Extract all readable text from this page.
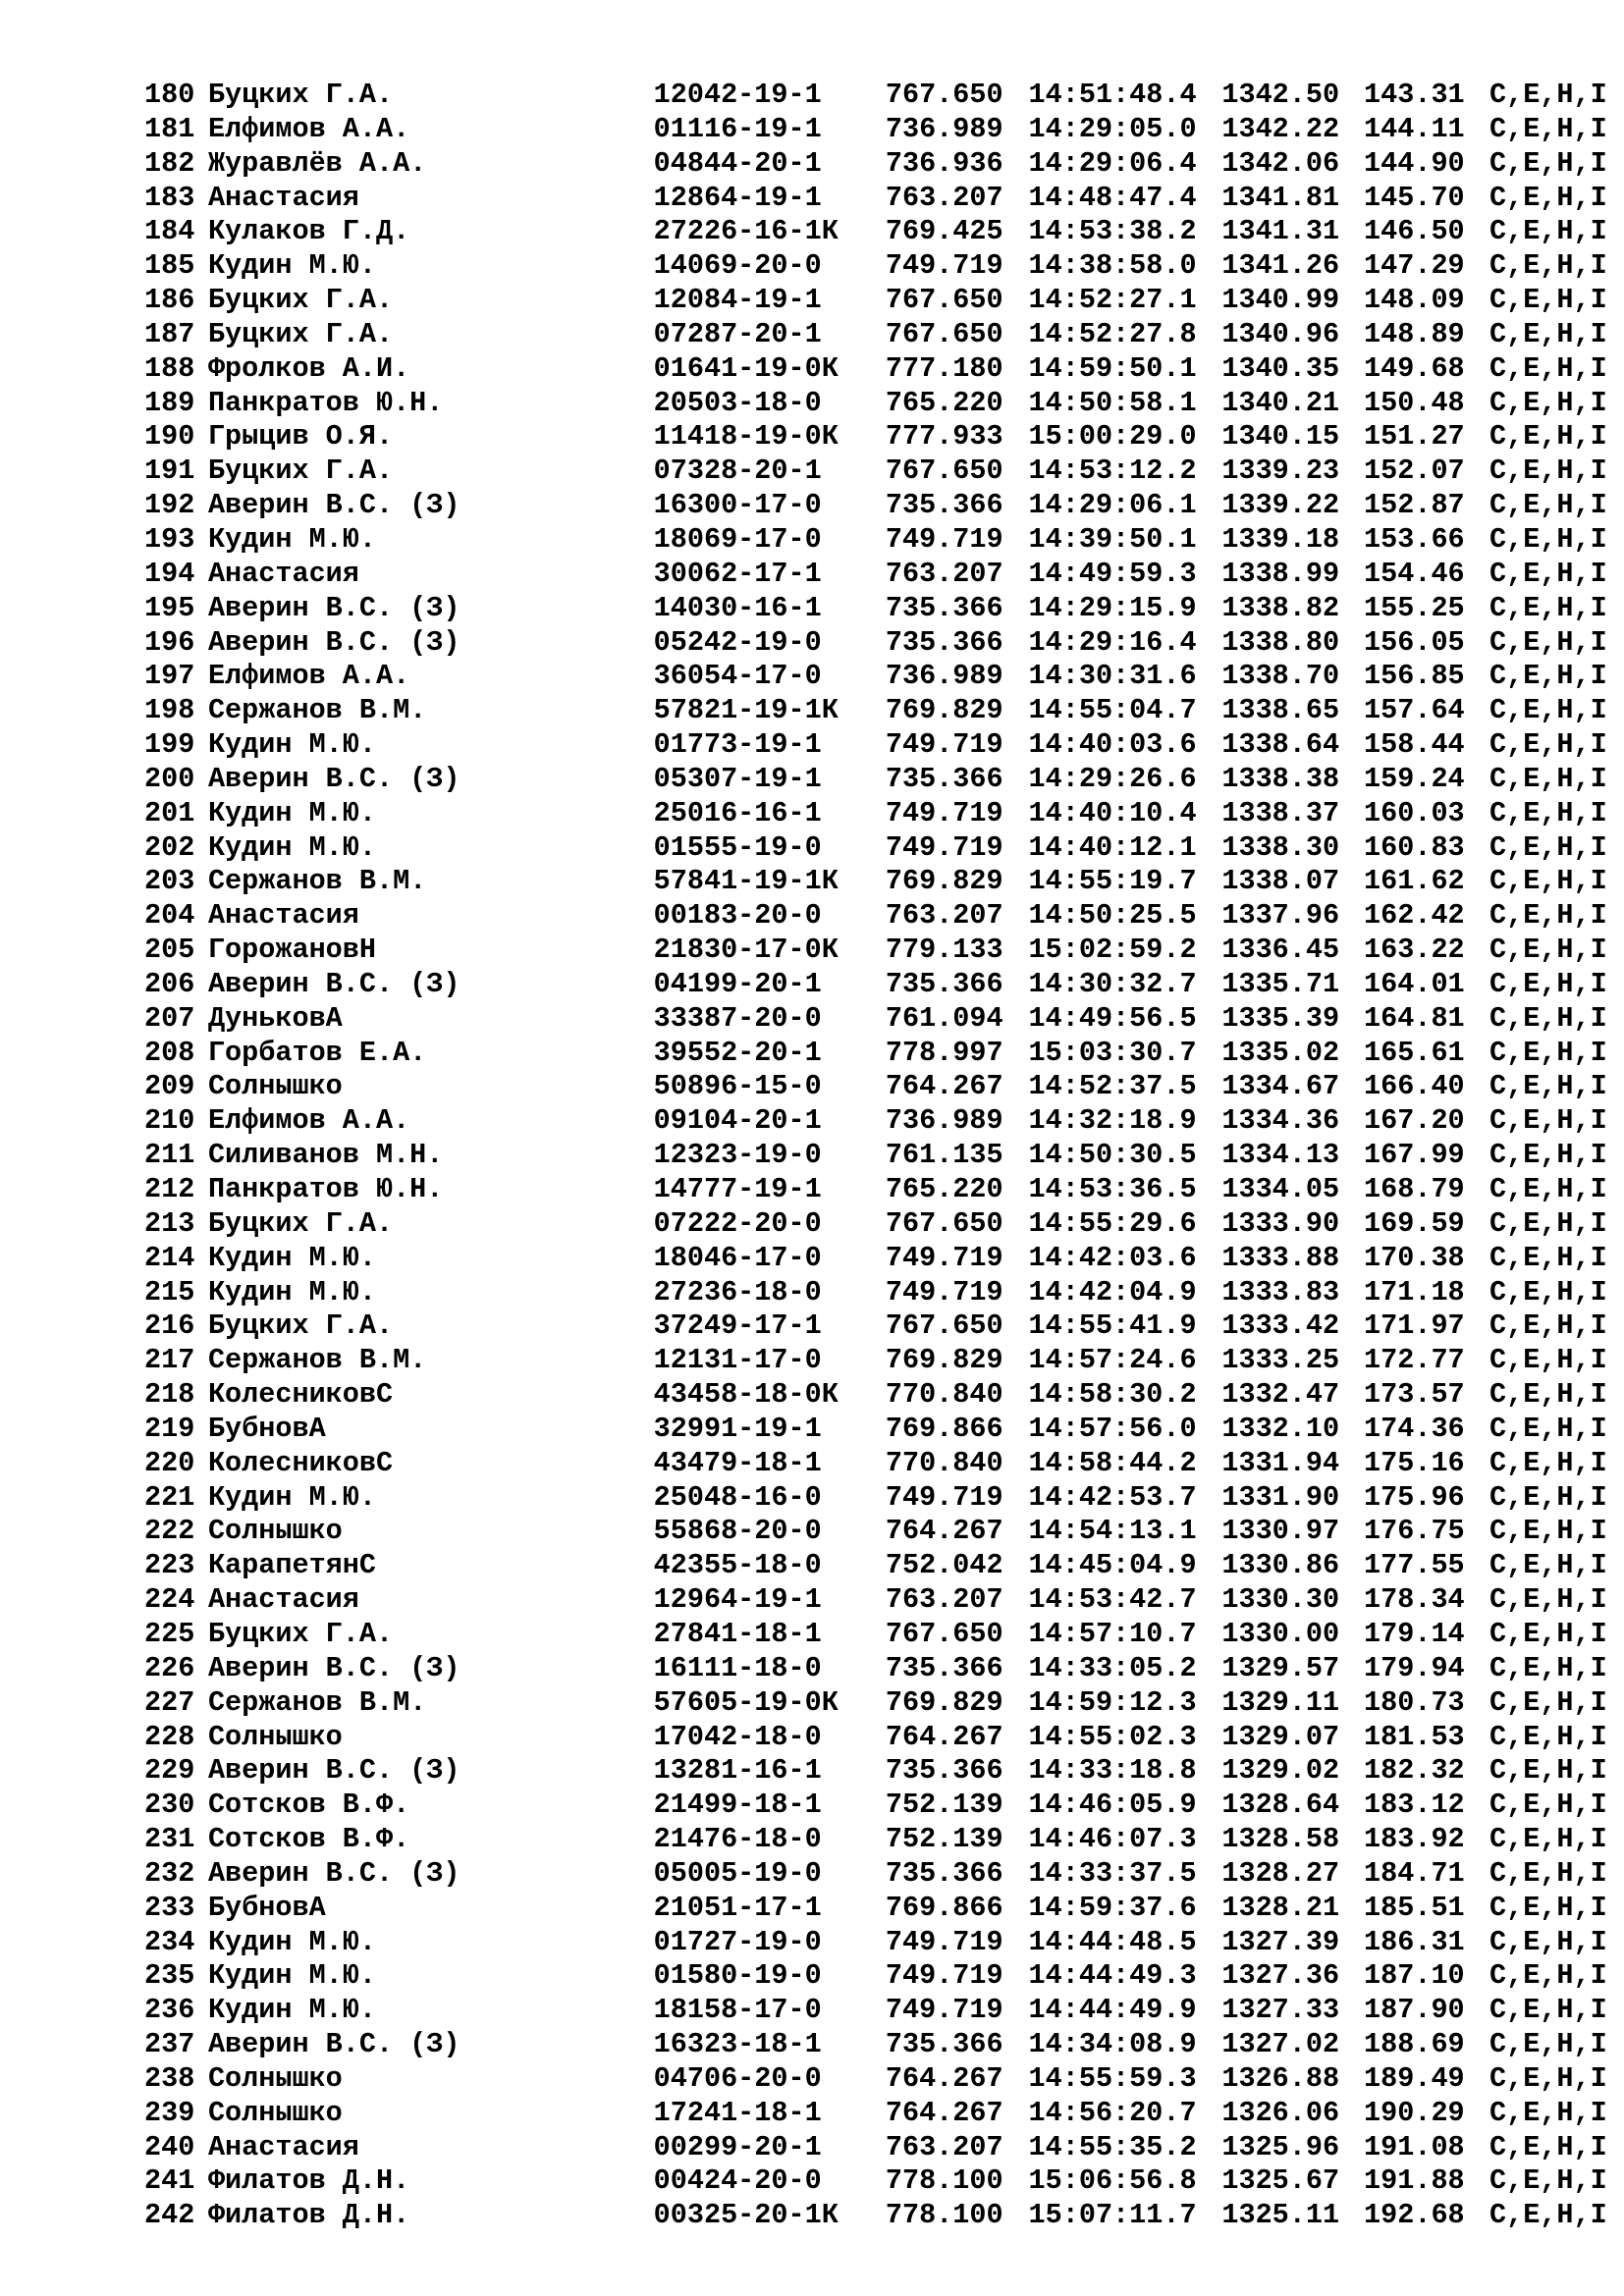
180 Буцких Г.А.	12042-19-1	767.650 14:51:48.4 1342.50 143.31 C,E,H,I
181 Елфимов А.А.	01116-19-1	736.989 14:29:05.0 1342.22 144.11 C,E,H,I
182 Журавлёв А.А.	04844-20-1	736.936 14:29:06.4 1342.06 144.90 C,E,H,I
183 Анастасия	12864-19-1	763.207 14:48:47.4 1341.81 145.70 C,E,H,I
184 Кулаков Г.Д.	27226-16-1К	769.425 14:53:38.2 1341.31 146.50 C,E,H,I
185 Кудин М.Ю.	14069-20-0	749.719 14:38:58.0 1341.26 147.29 C,E,H,I
186 Буцких Г.А.	12084-19-1	767.650 14:52:27.1 1340.99 148.09 C,E,H,I
187 Буцких Г.А.	07287-20-1	767.650 14:52:27.8 1340.96 148.89 C,E,H,I
188 Фролков А.И.	01641-19-0К	777.180 14:59:50.1 1340.35 149.68 C,E,H,I
189 Панкратов Ю.Н.	20503-18-0	765.220 14:50:58.1 1340.21 150.48 C,E,H,I
190 Грыцив О.Я.	11418-19-0К	777.933 15:00:29.0 1340.15 151.27 C,E,H,I
191 Буцких Г.А.	07328-20-1	767.650 14:53:12.2 1339.23 152.07 C,E,H,I
192 Аверин В.С. (З)	16300-17-0	735.366 14:29:06.1 1339.22 152.87 C,E,H,I
193 Кудин М.Ю.	18069-17-0	749.719 14:39:50.1 1339.18 153.66 C,E,H,I
194 Анастасия	30062-17-1	763.207 14:49:59.3 1338.99 154.46 C,E,H,I
195 Аверин В.С. (З)	14030-16-1	735.366 14:29:15.9 1338.82 155.25 C,E,H,I
196 Аверин В.С. (З)	05242-19-0	735.366 14:29:16.4 1338.80 156.05 C,E,H,I
197 Елфимов А.А.	36054-17-0	736.989 14:30:31.6 1338.70 156.85 C,E,H,I
198 Сержанов В.М.	57821-19-1К	769.829 14:55:04.7 1338.65 157.64 C,E,H,I
199 Кудин М.Ю.	01773-19-1	749.719 14:40:03.6 1338.64 158.44 C,E,H,I
200 Аверин В.С. (З)	05307-19-1	735.366 14:29:26.6 1338.38 159.24 C,E,H,I
201 Кудин М.Ю.	25016-16-1	749.719 14:40:10.4 1338.37 160.03 C,E,H,I
202 Кудин М.Ю.	01555-19-0	749.719 14:40:12.1 1338.30 160.83 C,E,H,I
203 Сержанов В.М.	57841-19-1К	769.829 14:55:19.7 1338.07 161.62 C,E,H,I
204 Анастасия	00183-20-0	763.207 14:50:25.5 1337.96 162.42 C,E,H,I
205 ГорожановН	21830-17-0К	779.133 15:02:59.2 1336.45 163.22 C,E,H,I
206 Аверин В.С. (З)	04199-20-1	735.366 14:30:32.7 1335.71 164.01 C,E,H,I
207 ДуньковА	33387-20-0	761.094 14:49:56.5 1335.39 164.81 C,E,H,I
208 Горбатов Е.А.	39552-20-1	778.997 15:03:30.7 1335.02 165.61 C,E,H,I
209 Солнышко	50896-15-0	764.267 14:52:37.5 1334.67 166.40 C,E,H,I
210 Елфимов А.А.	09104-20-1	736.989 14:32:18.9 1334.36 167.20 C,E,H,I
211 Силиванов М.Н.	12323-19-0	761.135 14:50:30.5 1334.13 167.99 C,E,H,I
212 Панкратов Ю.Н.	14777-19-1	765.220 14:53:36.5 1334.05 168.79 C,E,H,I
213 Буцких Г.А.	07222-20-0	767.650 14:55:29.6 1333.90 169.59 C,E,H,I
214 Кудин М.Ю.	18046-17-0	749.719 14:42:03.6 1333.88 170.38 C,E,H,I
215 Кудин М.Ю.	27236-18-0	749.719 14:42:04.9 1333.83 171.18 C,E,H,I
216 Буцких Г.А.	37249-17-1	767.650 14:55:41.9 1333.42 171.97 C,E,H,I
217 Сержанов В.М.	12131-17-0	769.829 14:57:24.6 1333.25 172.77 C,E,H,I
218 КолесниковС	43458-18-0К	770.840 14:58:30.2 1332.47 173.57 C,E,H,I
219 БубновА	32991-19-1	769.866 14:57:56.0 1332.10 174.36 C,E,H,I
220 КолесниковС	43479-18-1	770.840 14:58:44.2 1331.94 175.16 C,E,H,I
221 Кудин М.Ю.	25048-16-0	749.719 14:42:53.7 1331.90 175.96 C,E,H,I
222 Солнышко	55868-20-0	764.267 14:54:13.1 1330.97 176.75 C,E,H,I
223 КарапетянС	42355-18-0	752.042 14:45:04.9 1330.86 177.55 C,E,H,I
224 Анастасия	12964-19-1	763.207 14:53:42.7 1330.30 178.34 C,E,H,I
225 Буцких Г.А.	27841-18-1	767.650 14:57:10.7 1330.00 179.14 C,E,H,I
226 Аверин В.С. (З)	16111-18-0	735.366 14:33:05.2 1329.57 179.94 C,E,H,I
227 Сержанов В.М.	57605-19-0К	769.829 14:59:12.3 1329.11 180.73 C,E,H,I
228 Солнышко	17042-18-0	764.267 14:55:02.3 1329.07 181.53 C,E,H,I
229 Аверин В.С. (З)	13281-16-1	735.366 14:33:18.8 1329.02 182.32 C,E,H,I
230 Сотсков В.Ф.	21499-18-1	752.139 14:46:05.9 1328.64 183.12 C,E,H,I
231 Сотсков В.Ф.	21476-18-0	752.139 14:46:07.3 1328.58 183.92 C,E,H,I
232 Аверин В.С. (З)	05005-19-0	735.366 14:33:37.5 1328.27 184.71 C,E,H,I
233 БубновА	21051-17-1	769.866 14:59:37.6 1328.21 185.51 C,E,H,I
234 Кудин М.Ю.	01727-19-0	749.719 14:44:48.5 1327.39 186.31 C,E,H,I
235 Кудин М.Ю.	01580-19-0	749.719 14:44:49.3 1327.36 187.10 C,E,H,I
236 Кудин М.Ю.	18158-17-0	749.719 14:44:49.9 1327.33 187.90 C,E,H,I
237 Аверин В.С. (З)	16323-18-1	735.366 14:34:08.9 1327.02 188.69 C,E,H,I
238 Солнышко	04706-20-0	764.267 14:55:59.3 1326.88 189.49 C,E,H,I
239 Солнышко	17241-18-1	764.267 14:56:20.7 1326.06 190.29 C,E,H,I
240 Анастасия	00299-20-1	763.207 14:55:35.2 1325.96 191.08 C,E,H,I
241 Филатов Д.Н.	00424-20-0	778.100 15:06:56.8 1325.67 191.88 C,E,H,I
242 Филатов Д.Н.	00325-20-1К	778.100 15:07:11.7 1325.11 192.68 C,E,H,I
